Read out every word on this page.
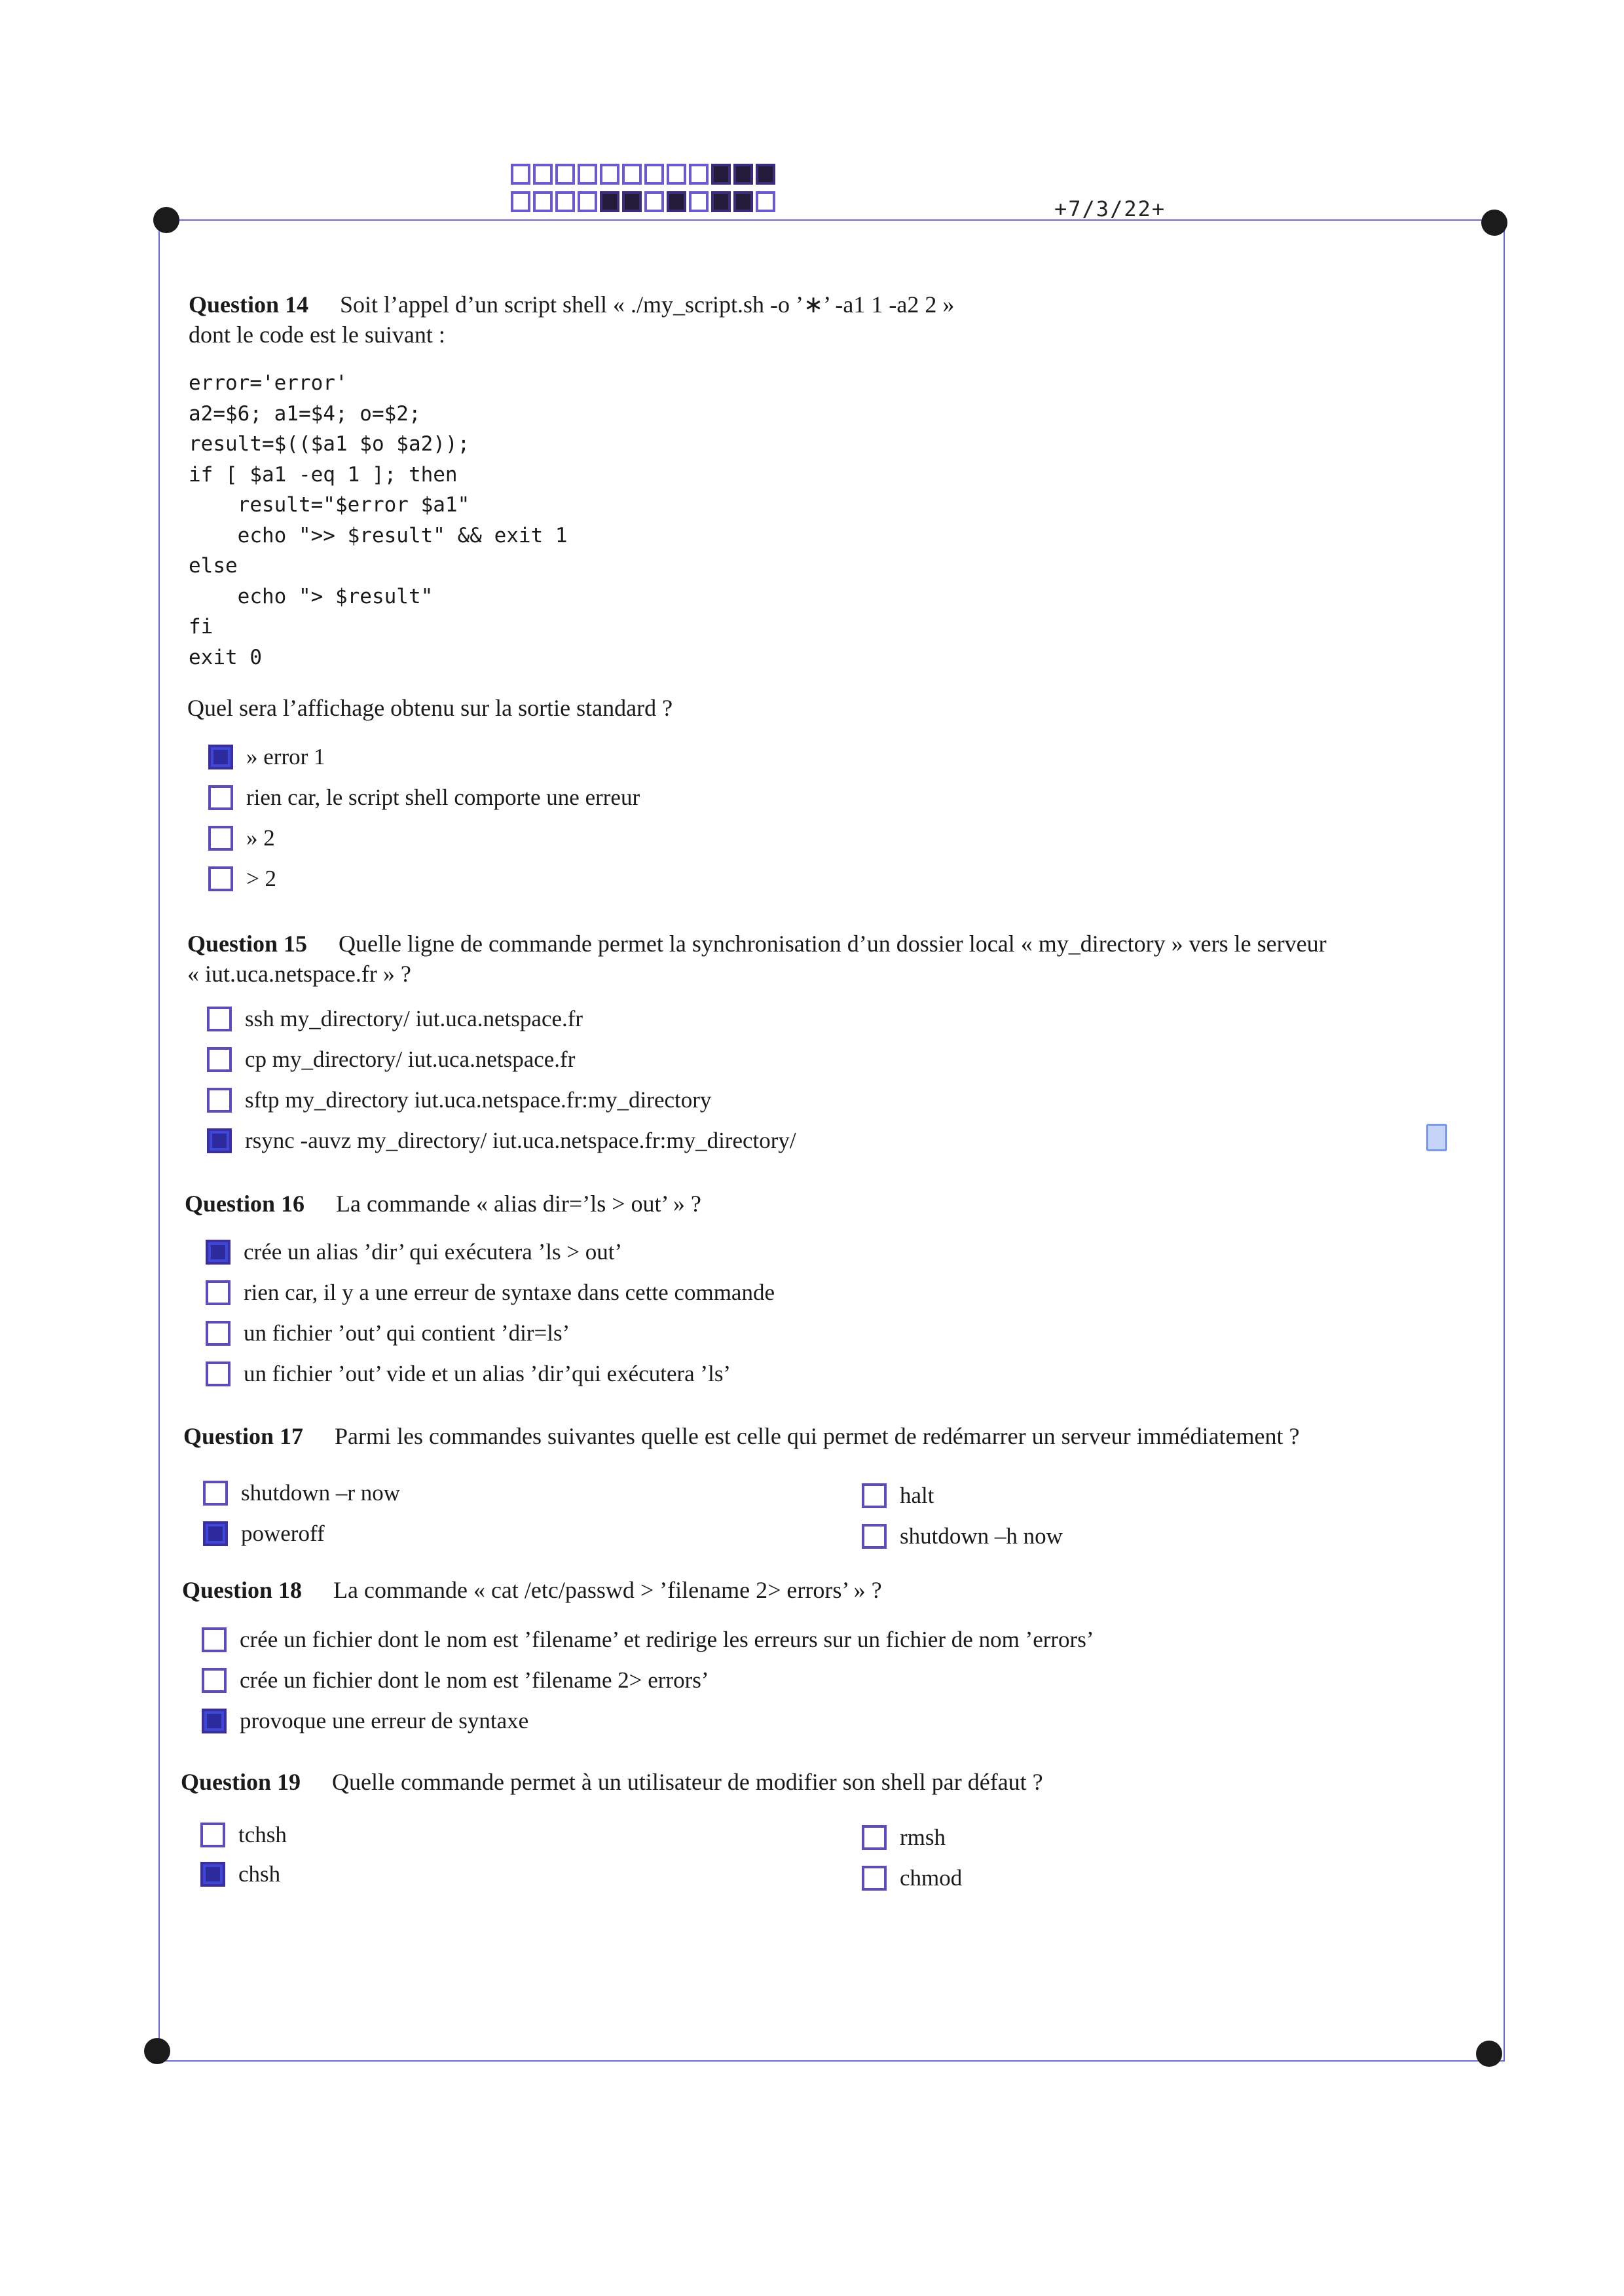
+7/3/22+
Question 14 Soit l’appel d’un script shell « ./my_script.sh -o ’∗’ -a1 1 -a2 2 »
dont le code est le suivant :
error='error'
a2=$6; a1=$4; o=$2;
result=$(($a1 $o $a2));
if [ $a1 -eq 1 ]; then
result="$error $a1"
echo ">> $result" && exit 1
else
echo "> $result"
fi
exit 0
Quel sera l’affichage obtenu sur la sortie standard ?
» error 1
rien car, le script shell comporte une erreur
» 2
> 2
Question 15 Quelle ligne de commande permet la synchronisation d’un dossier local « my_directory » vers le serveur
« iut.uca.netspace.fr » ?
ssh my_directory/ iut.uca.netspace.fr
cp my_directory/ iut.uca.netspace.fr
sftp my_directory iut.uca.netspace.fr:my_directory
rsync -auvz my_directory/ iut.uca.netspace.fr:my_directory/
Question 16 La commande « alias dir=’ls > out’ » ?
crée un alias ’dir’ qui exécutera ’ls > out’
rien car, il y a une erreur de syntaxe dans cette commande
un fichier ’out’ qui contient ’dir=ls’
un fichier ’out’ vide et un alias ’dir’qui exécutera ’ls’
Question 17 Parmi les commandes suivantes quelle est celle qui permet de redémarrer un serveur immédiatement ?
shutdown –r now
poweroff
halt
shutdown –h now
Question 18 La commande « cat /etc/passwd > ’filename 2> errors’ » ?
crée un fichier dont le nom est ’filename’ et redirige les erreurs sur un fichier de nom ’errors’
crée un fichier dont le nom est ’filename 2> errors’
provoque une erreur de syntaxe
Question 19 Quelle commande permet à un utilisateur de modifier son shell par défaut ?
tchsh
chsh
rmsh
chmod
